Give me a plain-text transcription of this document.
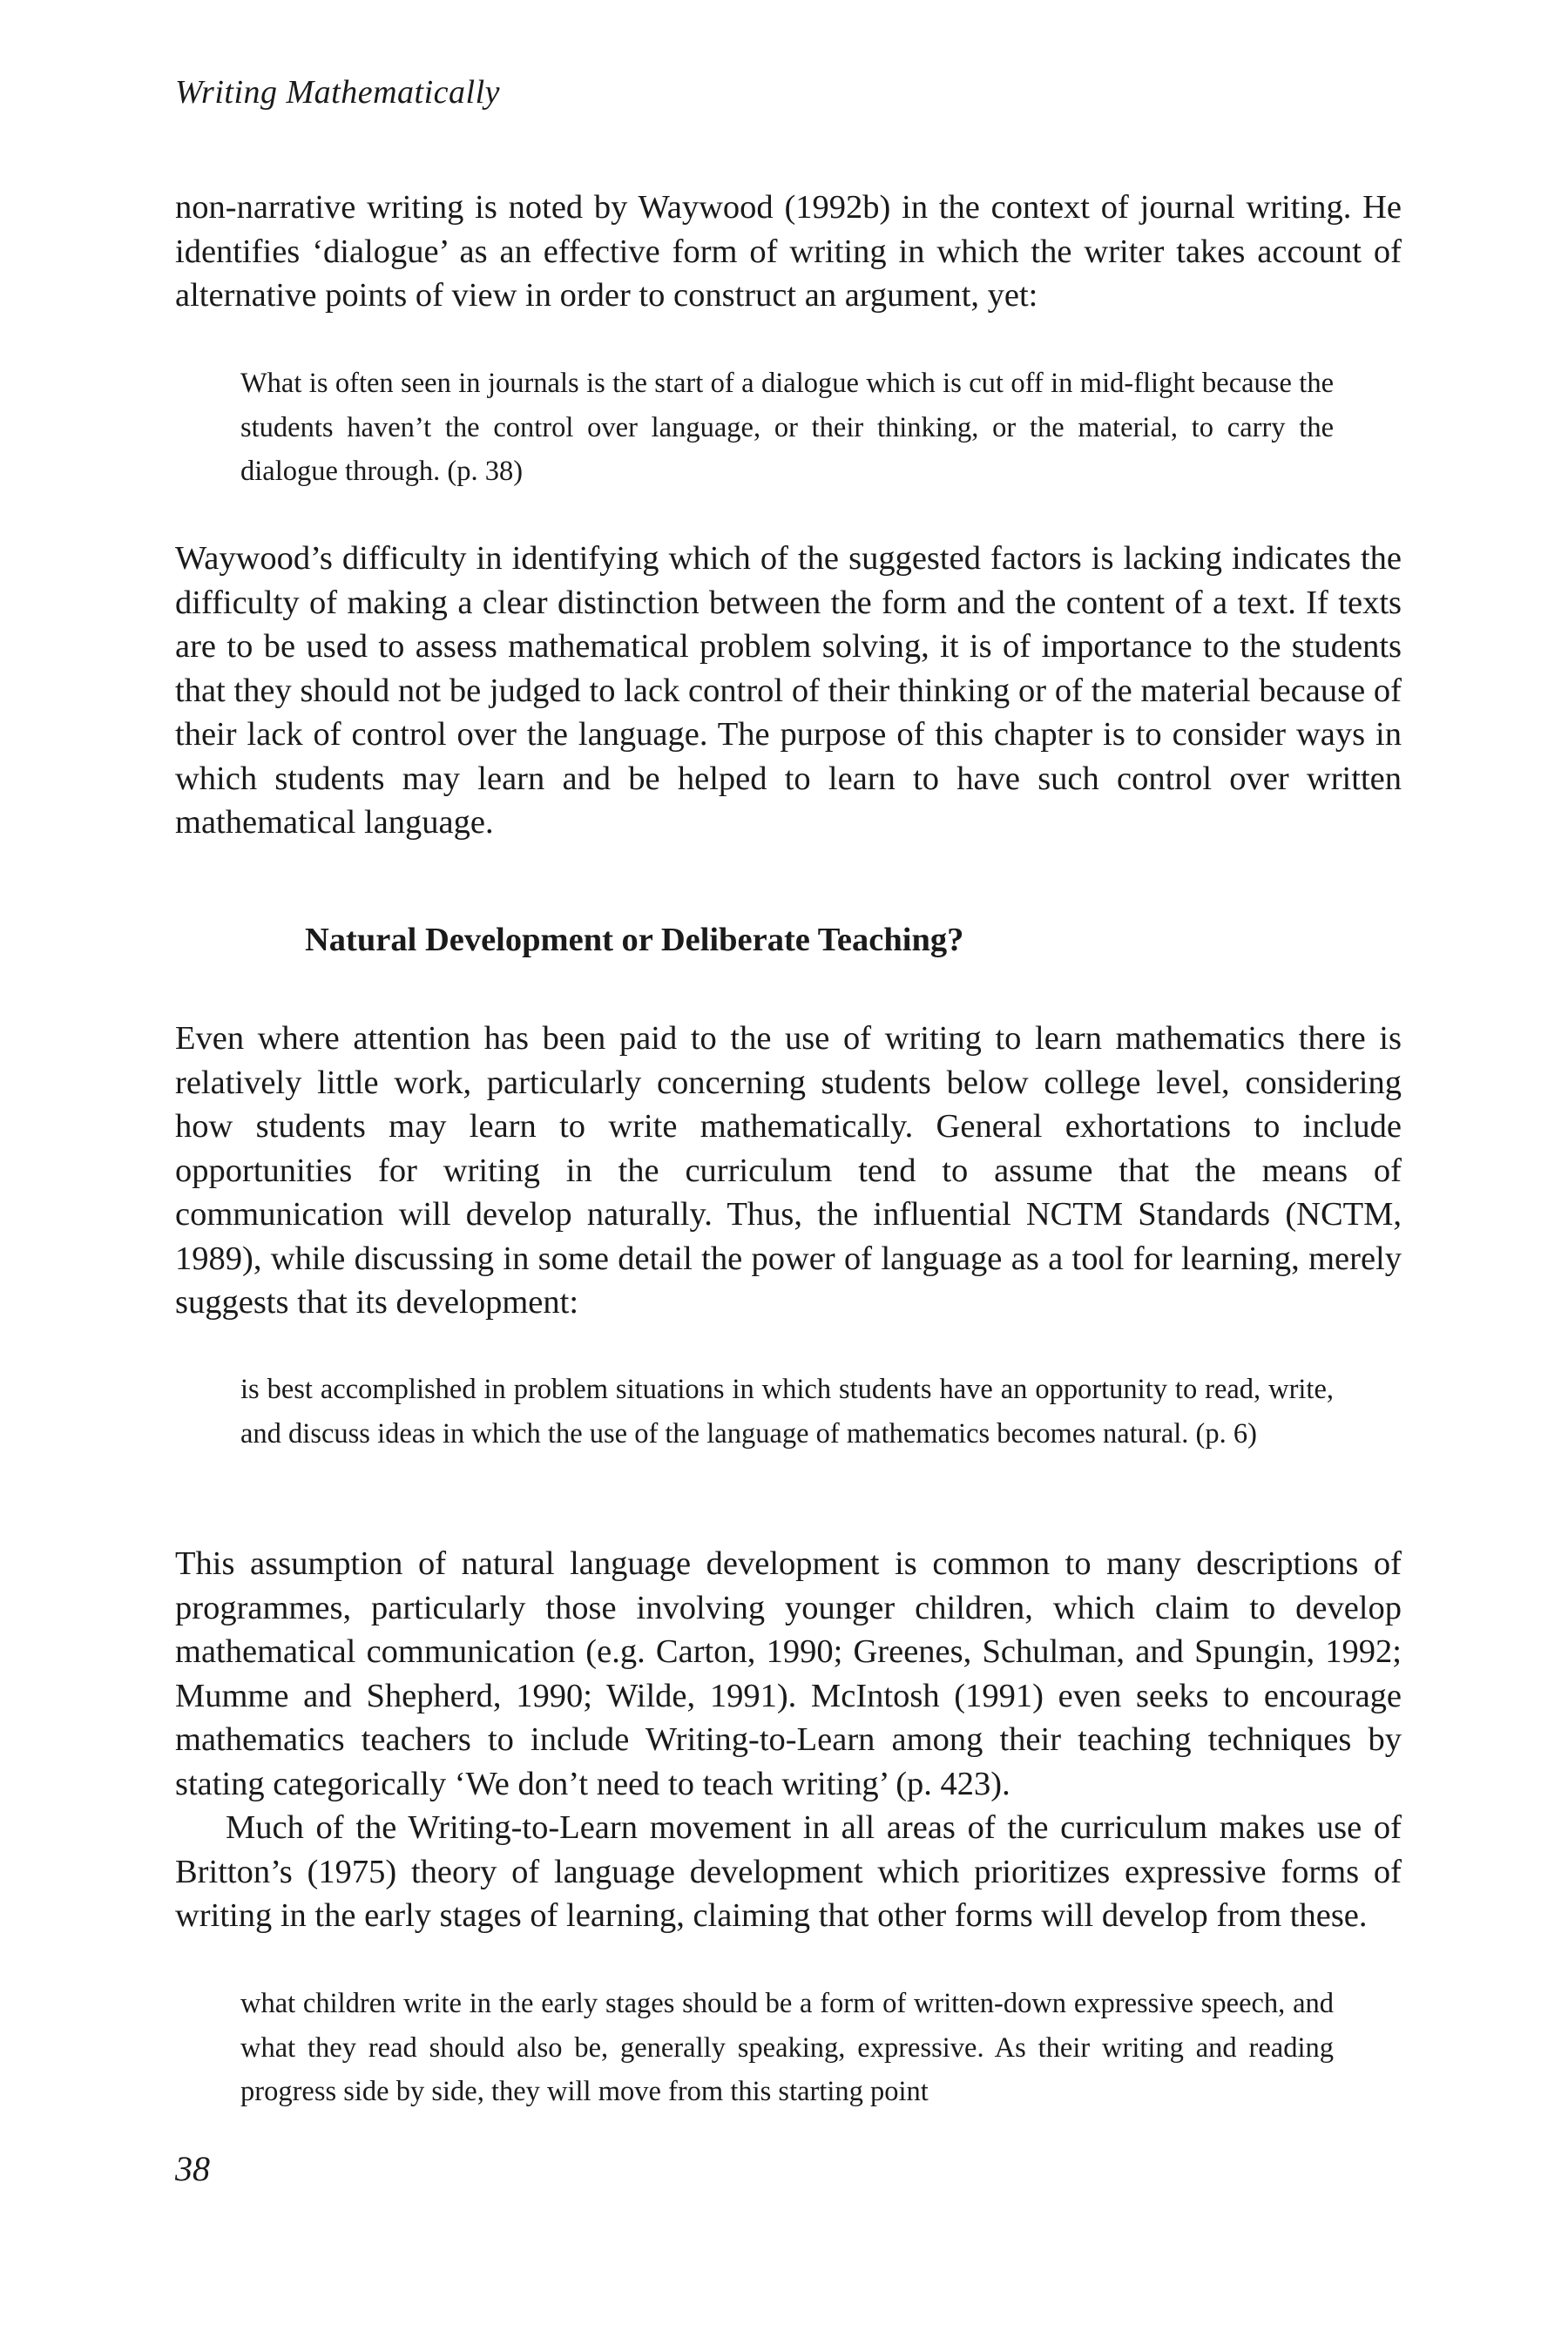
Writing Mathematically

non-narrative writing is noted by Waywood (1992b) in the context of journal writing. He identifies ‘dialogue’ as an effective form of writing in which the writer takes account of alternative points of view in order to construct an argument, yet:

What is often seen in journals is the start of a dialogue which is cut off in mid-flight because the students haven’t the control over language, or their thinking, or the material, to carry the dialogue through. (p. 38)

Waywood’s difficulty in identifying which of the suggested factors is lacking indicates the difficulty of making a clear distinction between the form and the content of a text. If texts are to be used to assess mathematical problem solving, it is of importance to the students that they should not be judged to lack control of their thinking or of the material because of their lack of control over the language. The purpose of this chapter is to consider ways in which students may learn and be helped to learn to have such control over written mathematical language.

Natural Development or Deliberate Teaching?

Even where attention has been paid to the use of writing to learn mathematics there is relatively little work, particularly concerning students below college level, considering how students may learn to write mathematically. General exhortations to include opportunities for writing in the curriculum tend to assume that the means of communication will develop naturally. Thus, the influential NCTM Standards (NCTM, 1989), while discussing in some detail the power of language as a tool for learning, merely suggests that its development:

is best accomplished in problem situations in which students have an opportunity to read, write, and discuss ideas in which the use of the language of mathematics becomes natural. (p. 6)

This assumption of natural language development is common to many descriptions of programmes, particularly those involving younger children, which claim to develop mathematical communication (e.g. Carton, 1990; Greenes, Schulman, and Spungin, 1992; Mumme and Shepherd, 1990; Wilde, 1991). McIntosh (1991) even seeks to encourage mathematics teachers to include Writing-to-Learn among their teaching techniques by stating categorically ‘We don’t need to teach writing’ (p. 423).

Much of the Writing-to-Learn movement in all areas of the curriculum makes use of Britton’s (1975) theory of language development which prioritizes expressive forms of writing in the early stages of learning, claiming that other forms will develop from these.

what children write in the early stages should be a form of written-down expressive speech, and what they read should also be, generally speaking, expressive. As their writing and reading progress side by side, they will move from this starting point

38
